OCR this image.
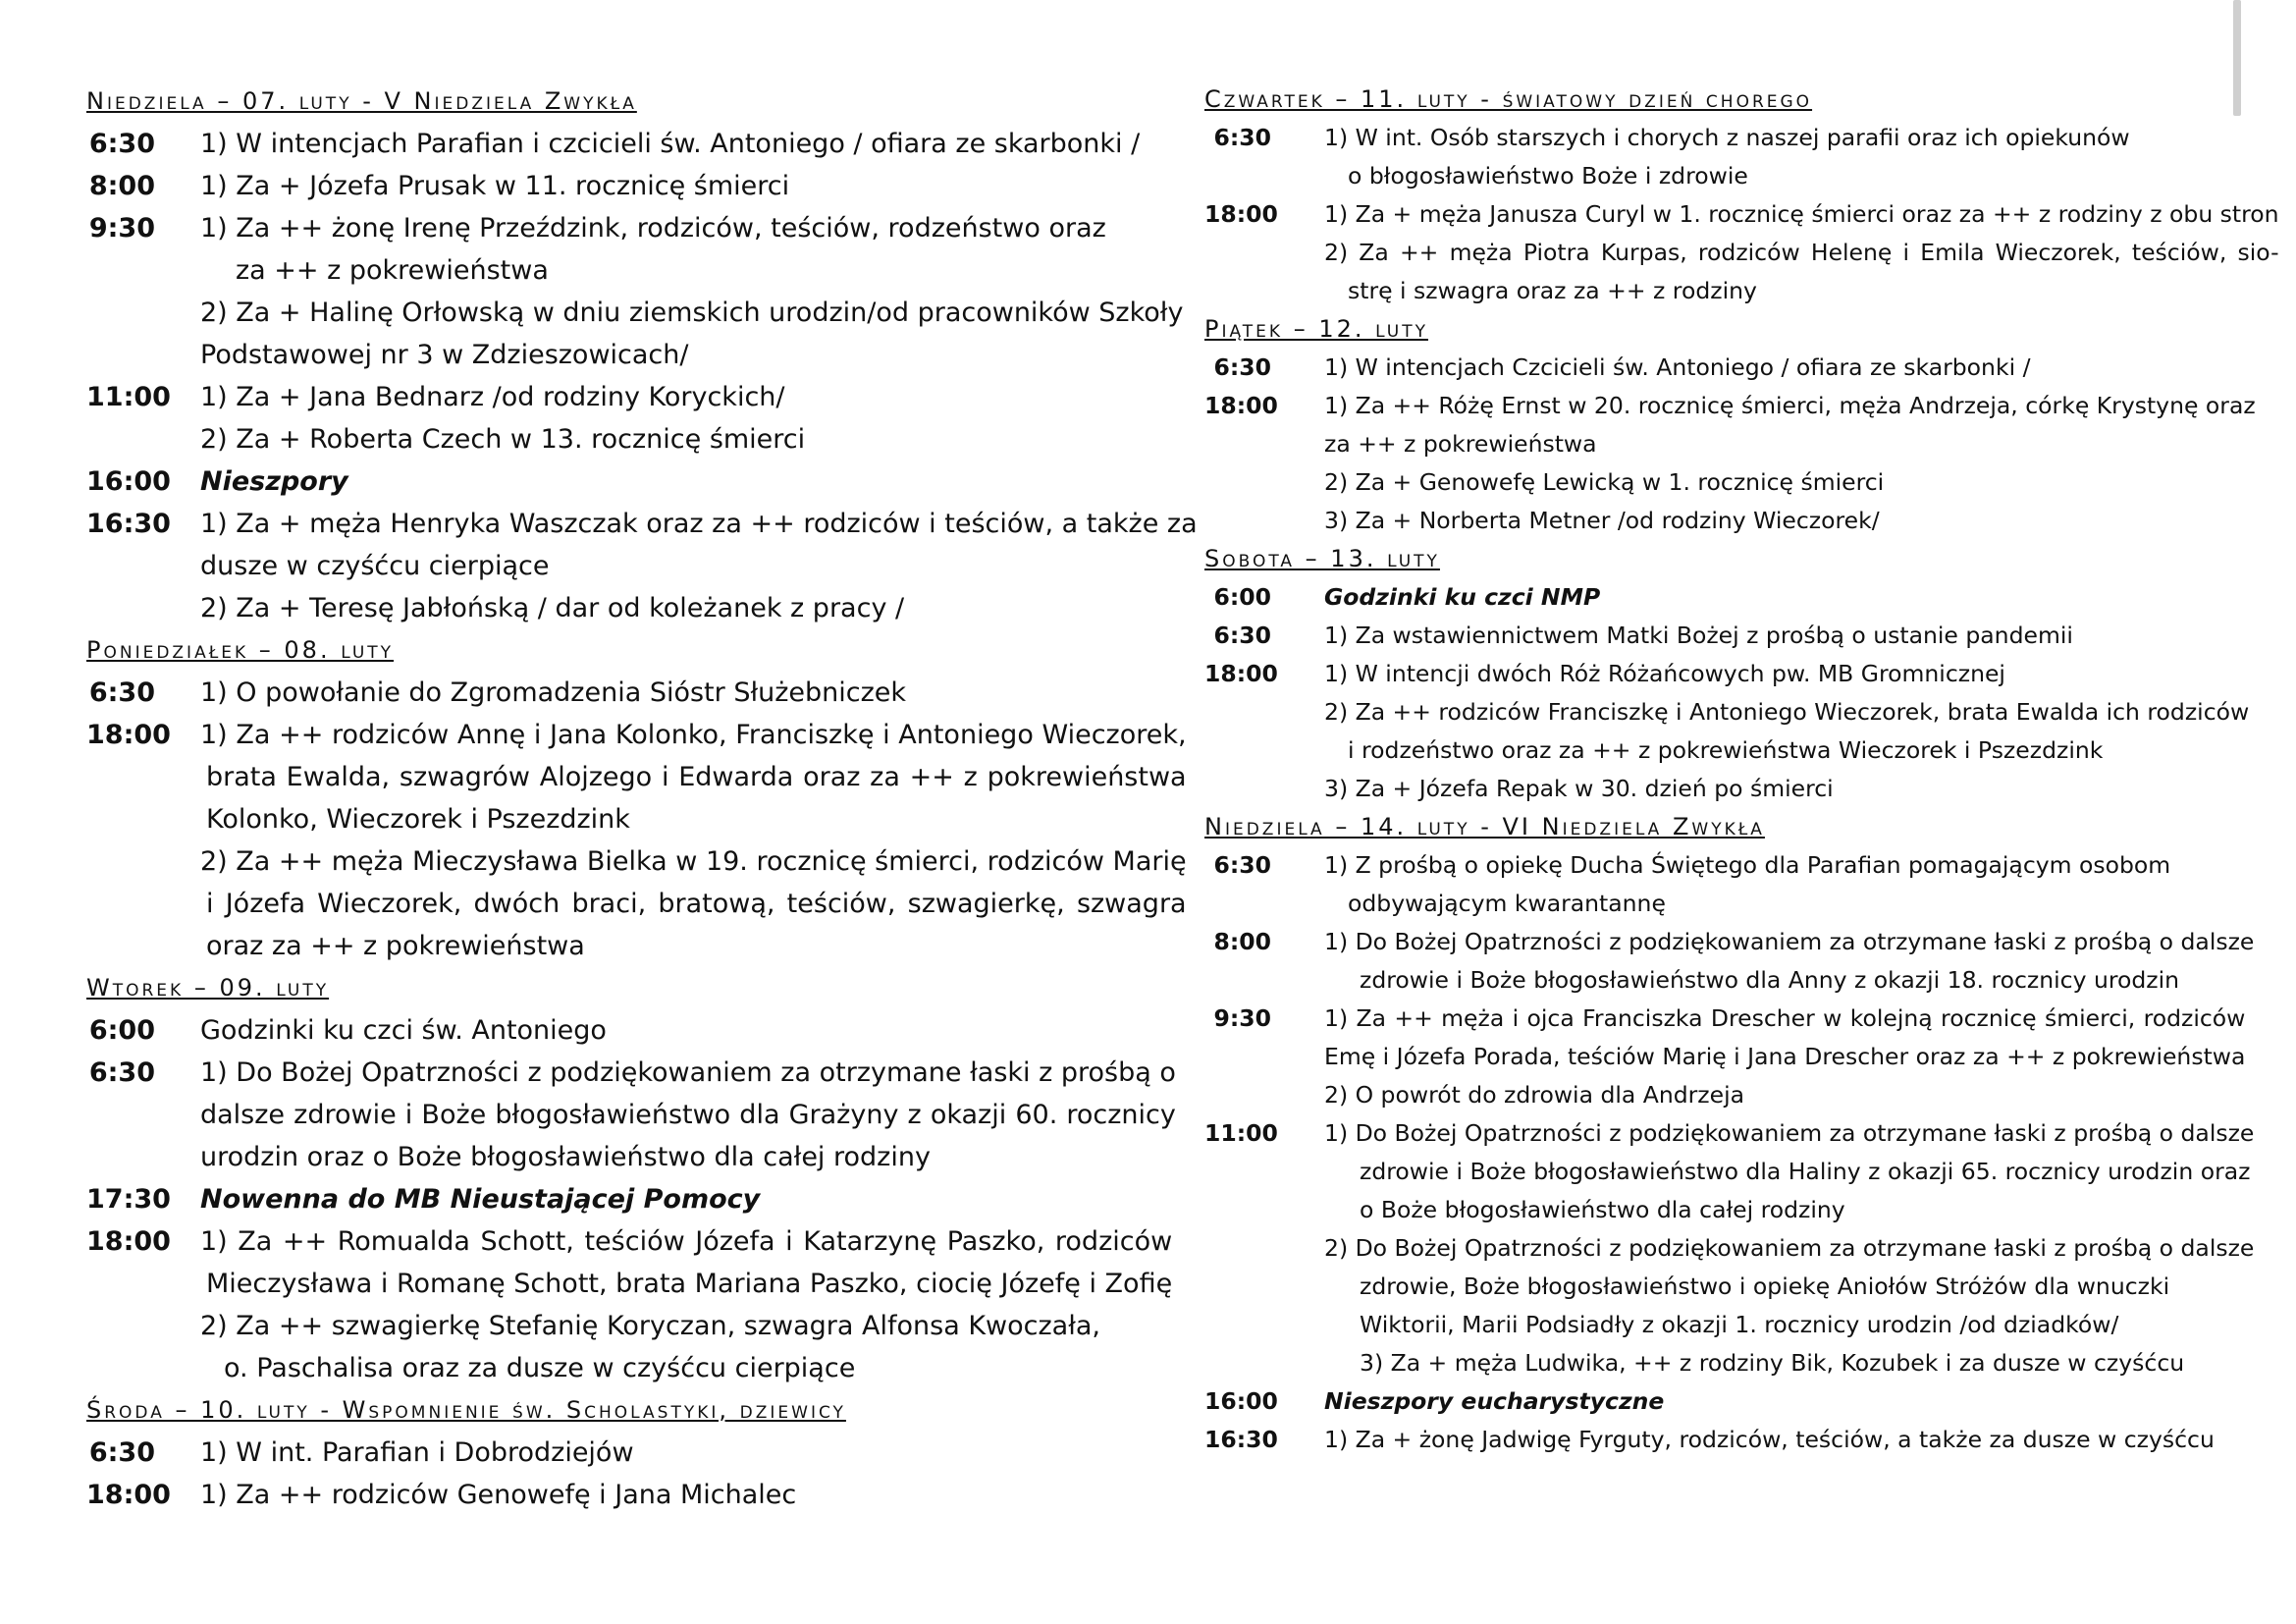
Niedziela – 07. luty - V Niedziela Zwykła
6:30 1) W intencjach Parafian i czcicieli św. Antoniego / ofiara ze skarbonki /
8:00 1) Za + Józefa Prusak w 11. rocznicę śmierci
9:30 1) Za ++ żonę Irenę Przeździnk, rodziców, teściów, rodzeństwo oraz
za ++ z pokrewieństwa
2) Za + Halinę Orłowską w dniu ziemskich urodzin/od pracowników Szkoły
Podstawowej nr 3 w Zdzieszowicach/
11:00 1) Za + Jana Bednarz /od rodziny Koryckich/
2) Za + Roberta Czech w 13. rocznicę śmierci
16:00 Nieszpory
16:30 1) Za + męża Henryka Waszczak oraz za ++ rodziców i teściów, a także za
dusze w czyśćcu cierpiące
2) Za + Teresę Jabłońską / dar od koleżanek z pracy /
Poniedziałek – 08. luty
6:30 1) O powołanie do Zgromadzenia Sióstr Służebniczek
18:00 1) Za ++ rodziców Annę i Jana Kolonko, Franciszkę i Antoniego Wieczorek,
brata Ewalda, szwagrów Alojzego i Edwarda oraz za ++ z pokrewieństwa
Kolonko, Wieczorek i Pszezdzink
2) Za ++ męża Mieczysława Bielka w 19. rocznicę śmierci, rodziców Marię
i Józefa Wieczorek, dwóch braci, bratową, teściów, szwagierkę, szwagra
oraz za ++ z pokrewieństwa
Wtorek – 09. luty
6:00 Godzinki ku czci św. Antoniego
6:30 1) Do Bożej Opatrzności z podziękowaniem za otrzymane łaski z prośbą o
dalsze zdrowie i Boże błogosławieństwo dla Grażyny z okazji 60. rocznicy
urodzin oraz o Boże błogosławieństwo dla całej rodziny
17:30 Nowenna do MB Nieustającej Pomocy
18:00 1) Za ++ Romualda Schott, teściów Józefa i Katarzynę Paszko, rodziców
Mieczysława i Romanę Schott, brata Mariana Paszko, ciocię Józefę i Zofię
2) Za ++ szwagierkę Stefanię Koryczan, szwagra Alfonsa Kwoczała,
o. Paschalisa oraz za dusze w czyśćcu cierpiące
Środa – 10. luty - Wspomnienie św. Scholastyki, dziewicy
6:30 1) W int. Parafian i Dobrodziejów
18:00 1) Za ++ rodziców Genowefę i Jana Michalec
Czwartek – 11. luty - światowy dzień chorego
6:30 1) W int. Osób starszych i chorych z naszej parafii oraz ich opiekunów
o błogosławieństwo Boże i zdrowie
18:00 1) Za + męża Janusza Curyl w 1. rocznicę śmierci oraz za ++ z rodziny z obu stron
2) Za ++ męża Piotra Kurpas, rodziców Helenę i Emila Wieczorek, teściów, sio-
strę i szwagra oraz za ++ z rodziny
Piątek – 12. luty
6:30 1) W intencjach Czcicieli św. Antoniego / ofiara ze skarbonki /
18:00 1) Za ++ Różę Ernst w 20. rocznicę śmierci, męża Andrzeja, córkę Krystynę oraz
za ++ z pokrewieństwa
2) Za + Genowefę Lewicką w 1. rocznicę śmierci
3) Za + Norberta Metner /od rodziny Wieczorek/
Sobota – 13. luty
6:00 Godzinki ku czci NMP
6:30 1) Za wstawiennictwem Matki Bożej z prośbą o ustanie pandemii
18:00 1) W intencji dwóch Róż Różańcowych pw. MB Gromnicznej
2) Za ++ rodziców Franciszkę i Antoniego Wieczorek, brata Ewalda ich rodziców
i rodzeństwo oraz za ++ z pokrewieństwa Wieczorek i Pszezdzink
3) Za + Józefa Repak w 30. dzień po śmierci
Niedziela – 14. luty - VI Niedziela Zwykła
6:30 1) Z prośbą o opiekę Ducha Świętego dla Parafian pomagającym osobom
odbywającym kwarantannę
8:00 1) Do Bożej Opatrzności z podziękowaniem za otrzymane łaski z prośbą o dalsze
zdrowie i Boże błogosławieństwo dla Anny z okazji 18. rocznicy urodzin
9:30 1) Za ++ męża i ojca Franciszka Drescher w kolejną rocznicę śmierci, rodziców
Emę i Józefa Porada, teściów Marię i Jana Drescher oraz za ++ z pokrewieństwa
2) O powrót do zdrowia dla Andrzeja
11:00 1) Do Bożej Opatrzności z podziękowaniem za otrzymane łaski z prośbą o dalsze
zdrowie i Boże błogosławieństwo dla Haliny z okazji 65. rocznicy urodzin oraz
o Boże błogosławieństwo dla całej rodziny
2) Do Bożej Opatrzności z podziękowaniem za otrzymane łaski z prośbą o dalsze
zdrowie, Boże błogosławieństwo i opiekę Aniołów Stróżów dla wnuczki
Wiktorii, Marii Podsiadły z okazji 1. rocznicy urodzin /od dziadków/
3) Za + męża Ludwika, ++ z rodziny Bik, Kozubek i za dusze w czyśćcu
16:00 Nieszpory eucharystyczne
16:30 1) Za + żonę Jadwigę Fyrguty, rodziców, teściów, a także za dusze w czyśćcu
